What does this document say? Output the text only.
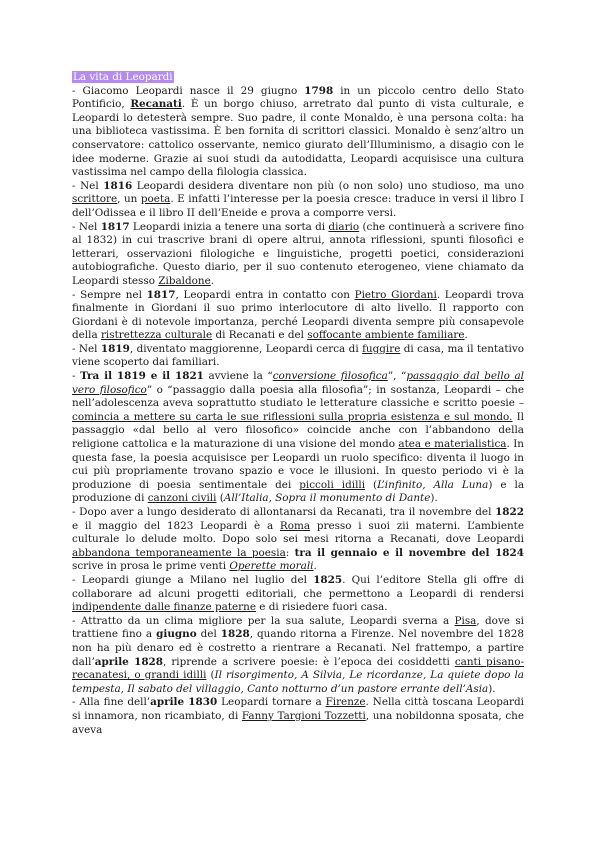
La vita di Leopardi

- Giacomo Leopardi nasce il 29 giugno 1798 in un piccolo centro dello Stato Pontificio, Recanati. È un borgo chiuso, arretrato dal punto di vista culturale, e Leopardi lo detesterà sempre. Suo padre, il conte Monaldo, è una persona colta: ha una biblioteca vastissima. È ben fornita di scrittori classici. Monaldo è senz’altro un conservatore: cattolico osservante, nemico giurato dell’Illuminismo, a disagio con le idee moderne. Grazie ai suoi studi da autodidatta, Leopardi acquisisce una cultura vastissima nel campo della filologia classica.

- Nel 1816 Leopardi desidera diventare non più (o non solo) uno studioso, ma uno scrittore, un poeta. E infatti l’interesse per la poesia cresce: traduce in versi il libro I dell’Odissea e il libro II dell’Eneide e prova a comporre versi.

- Nel 1817 Leopardi inizia a tenere una sorta di diario (che continuerà a scrivere fino al 1832) in cui trascrive brani di opere altrui, annota riflessioni, spunti filosofici e letterari, osservazioni filologiche e linguistiche, progetti poetici, considerazioni autobiografiche. Questo diario, per il suo contenuto eterogeneo, viene chiamato da Leopardi stesso Zibaldone.

- Sempre nel 1817, Leopardi entra in contatto con Pietro Giordani. Leopardi trova finalmente in Giordani il suo primo interlocutore di alto livello. Il rapporto con Giordani è di notevole importanza, perché Leopardi diventa sempre più consapevole della ristrettezza culturale di Recanati e del soffocante ambiente familiare.

- Nel 1819, diventato maggiorenne, Leopardi cerca di fuggire di casa, ma il tentativo viene scoperto dai familiari.

- Tra il 1819 e il 1821 avviene la “conversione filosofica”, “passaggio dal bello al vero filosofico” o “passaggio dalla poesia alla filosofia”; in sostanza, Leopardi – che nell’adolescenza aveva soprattutto studiato le letterature classiche e scritto poesie – comincia a mettere su carta le sue riflessioni sulla propria esistenza e sul mondo. Il passaggio «dal bello al vero filosofico» coincide anche con l’abbandono della religione cattolica e la maturazione di una visione del mondo atea e materialistica. In questa fase, la poesia acquisisce per Leopardi un ruolo specifico: diventa il luogo in cui più propriamente trovano spazio e voce le illusioni. In questo periodo vi è la produzione di poesia sentimentale dei piccoli idilli (L’infinito, Alla Luna) e la produzione di canzoni civili (All’Italia, Sopra il monumento di Dante).

- Dopo aver a lungo desiderato di allontanarsi da Recanati, tra il novembre del 1822 e il maggio del 1823 Leopardi è a Roma presso i suoi zii materni. L’ambiente culturale lo delude molto. Dopo solo sei mesi ritorna a Recanati, dove Leopardi abbandona temporaneamente la poesia: tra il gennaio e il novembre del 1824 scrive in prosa le prime venti Operette morali.

- Leopardi giunge a Milano nel luglio del 1825. Qui l’editore Stella gli offre di collaborare ad alcuni progetti editoriali, che permettono a Leopardi di rendersi indipendente dalle finanze paterne e di risiedere fuori casa.

- Attratto da un clima migliore per la sua salute, Leopardi sverna a Pisa, dove si trattiene fino a giugno del 1828, quando ritorna a Firenze. Nel novembre del 1828 non ha più denaro ed è costretto a rientrare a Recanati. Nel frattempo, a partire dall’aprile 1828, riprende a scrivere poesie: è l’epoca dei cosiddetti canti pisano-recanatesi, o grandi idilli (Il risorgimento, A Silvia, Le ricordanze, La quiete dopo la tempesta, Il sabato del villaggio, Canto notturno d’un pastore errante dell’Asia).

- Alla fine dell’aprile 1830 Leopardi tornare a Firenze. Nella città toscana Leopardi si innamora, non ricambiato, di Fanny Targioni Tozzetti, una nobildonna sposata, che aveva
